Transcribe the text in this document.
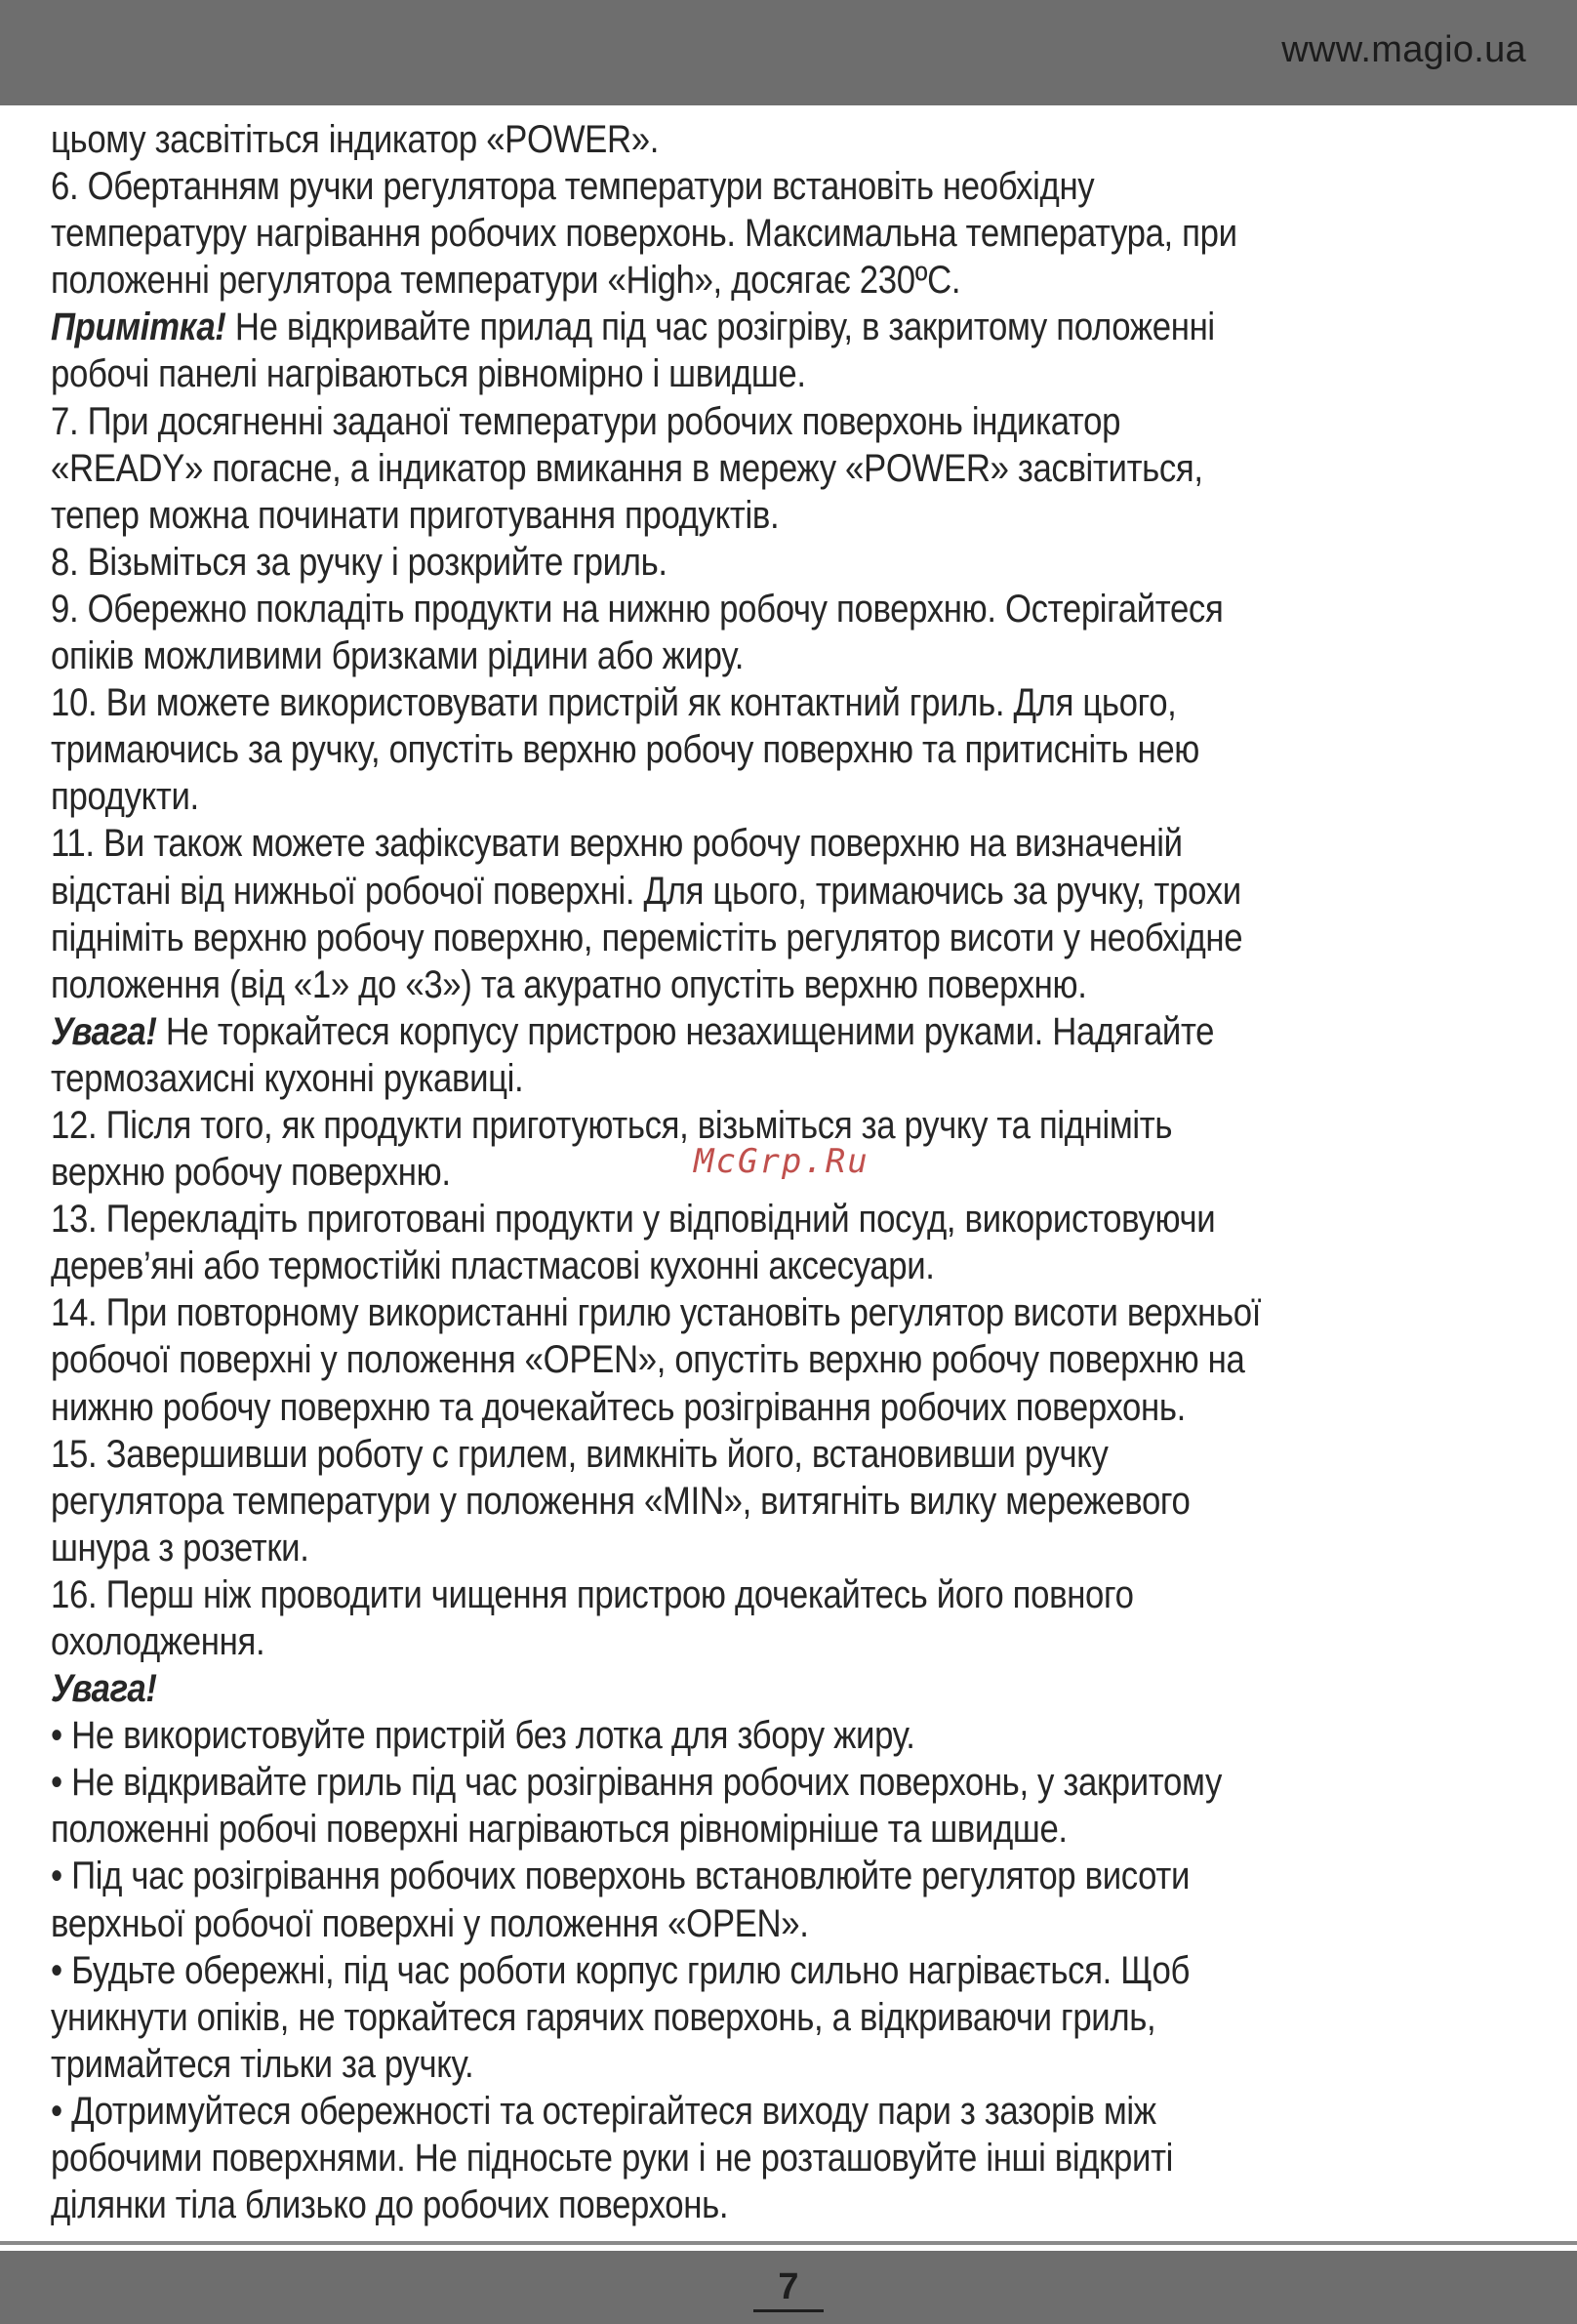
www.magio.ua

цьому засвітіться індикатор «POWER».

6. Обертанням ручки регулятора температури встановіть необхідну

температуру нагрівання робочих поверхонь. Максимальна температура, при

положенні регулятора температури «High», досягає 230ºС.

Примітка! Не відкривайте прилад під час розігріву, в закритому положенні

робочі панелі нагріваються рівномірно і швидше.

7. При досягненні заданої температури робочих поверхонь індикатор

«READY» погасне, а індикатор вмикання в мережу «POWER» засвітиться,

тепер можна починати приготування продуктів.

8. Візьміться за ручку і розкрийте гриль.

9. Обережно покладіть продукти на нижню робочу поверхню. Остерігайтеся

опіків можливими бризками рідини або жиру.

10. Ви можете використовувати пристрій як контактний гриль. Для цього,

тримаючись за ручку, опустіть верхню робочу поверхню та притисніть нею

продукти.

11. Ви також можете зафіксувати верхню робочу поверхню на визначеній

відстані від нижньої робочої поверхні. Для цього, тримаючись за ручку, трохи

підніміть верхню робочу поверхню, перемістіть регулятор висоти у необхідне

положення (від «1» до «3») та акуратно опустіть верхню поверхню.

Увага! Не торкайтеся корпусу пристрою незахищеними руками. Надягайте

термозахисні кухонні рукавиці.

12. Після того, як продукти приготуються, візьміться за ручку та підніміть

верхню робочу поверхню.

13. Перекладіть приготовані продукти у відповідний посуд, використовуючи

дерев’яні або термостійкі пластмасові кухонні аксесуари.

14. При повторному використанні грилю установіть регулятор висоти верхньої

робочої поверхні у положення «OPEN», опустіть верхню робочу поверхню на

нижню робочу поверхню та дочекайтесь розігрівання робочих поверхонь.

15. Завершивши роботу с грилем, вимкніть його, встановивши ручку

регулятора температури у положення «MIN», витягніть вилку мережевого

шнура з розетки.

16. Перш ніж проводити чищення пристрою дочекайтесь його повного

охолодження.

Увага!

• Не використовуйте пристрій без лотка для збору жиру.

• Не відкривайте гриль під час розігрівання робочих поверхонь, у закритому

положенні робочі поверхні нагріваються рівномірніше та швидше.

• Під час розігрівання робочих поверхонь встановлюйте регулятор висоти

верхньої робочої поверхні у положення «OPEN».

• Будьте обережні, під час роботи корпус грилю сильно нагрівається. Щоб

уникнути опіків, не торкайтеся гарячих поверхонь, а відкриваючи гриль,

тримайтеся тільки за ручку.

• Дотримуйтеся обережності та остерігайтеся виходу пари з зазорів між

робочими поверхнями. Не підносьте руки і не розташовуйте інші відкриті

ділянки тіла близько до робочих поверхонь.

McGrp.Ru
7
